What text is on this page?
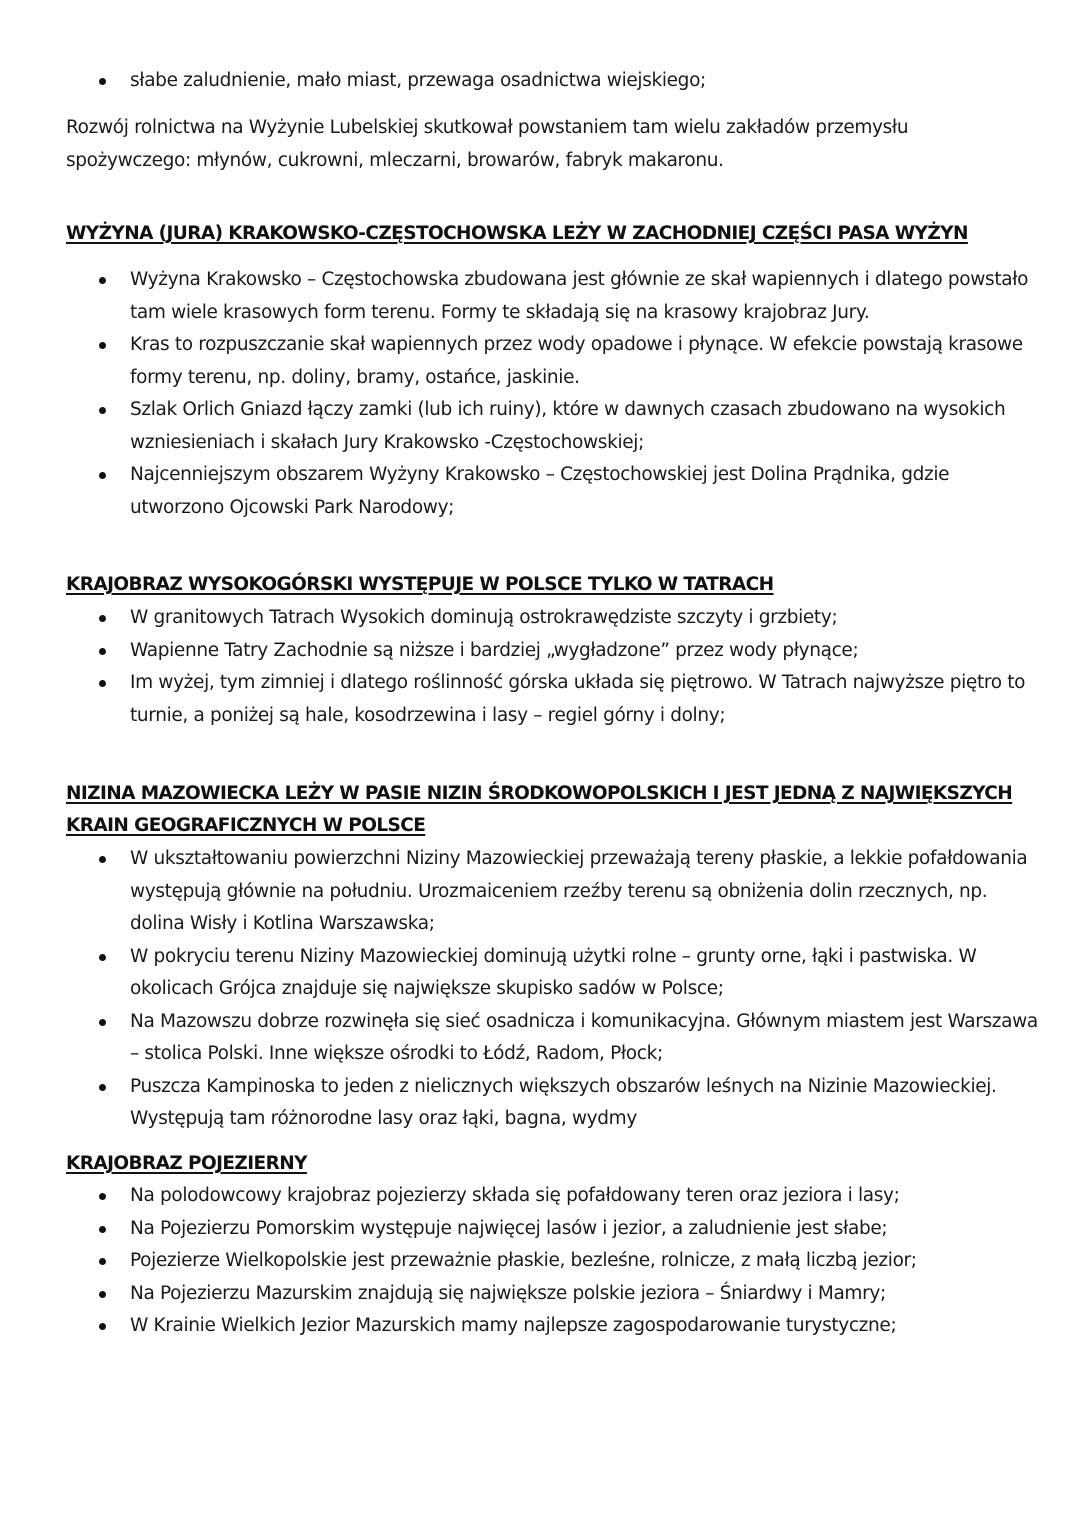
słabe zaludnienie, mało miast, przewaga osadnictwa wiejskiego;
Rozwój rolnictwa na Wyżynie Lubelskiej skutkował powstaniem tam wielu zakładów przemysłu spożywczego: młynów, cukrowni, mleczarni, browarów, fabryk makaronu.
WYŻYNA (JURA) KRAKOWSKO-CZĘSTOCHOWSKA LEŻY W ZACHODNIEJ CZĘŚCI PASA WYŻYN
Wyżyna Krakowsko – Częstochowska zbudowana jest głównie ze skał wapiennych i dlatego powstało tam wiele krasowych form terenu. Formy te składają się na krasowy krajobraz Jury.
Kras to rozpuszczanie skał wapiennych przez wody opadowe i płynące. W efekcie powstają krasowe formy terenu, np. doliny, bramy, ostańce, jaskinie.
Szlak Orlich Gniazd łączy zamki (lub ich ruiny), które w dawnych czasach zbudowano na wysokich wzniesieniach i skałach Jury Krakowsko -Częstochowskiej;
Najcenniejszym obszarem Wyżyny Krakowsko – Częstochowskiej jest Dolina Prądnika, gdzie utworzono Ojcowski Park Narodowy;
KRAJOBRAZ WYSOKOGÓRSKI WYSTĘPUJE W POLSCE TYLKO W TATRACH
W granitowych Tatrach Wysokich dominują ostrokrawędziste szczyty i grzbiety;
Wapienne Tatry Zachodnie są niższe i bardziej „wygładzone” przez wody płynące;
Im wyżej, tym zimniej i dlatego roślinność górska układa się piętrowo. W Tatrach najwyższe piętro to turnie, a poniżej są hale, kosodrzewina i lasy – regiel górny i dolny;
NIZINA MAZOWIECKA LEŻY W PASIE NIZIN ŚRODKOWOPOLSKICH I JEST JEDNĄ Z NAJWIĘKSZYCH KRAIN GEOGRAFICZNYCH W POLSCE
W ukształtowaniu powierzchni Niziny Mazowieckiej przeważają tereny płaskie, a lekkie pofałdowania występują głównie na południu. Urozmaiceniem rzeźby terenu są obniżenia dolin rzecznych, np. dolina Wisły i Kotlina Warszawska;
W pokryciu terenu Niziny Mazowieckiej dominują użytki rolne – grunty orne, łąki i pastwiska. W okolicach Grójca znajduje się największe skupisko sadów w Polsce;
Na Mazowszu dobrze rozwinęła się sieć osadnicza i komunikacyjna. Głównym miastem jest Warszawa – stolica Polski. Inne większe ośrodki to Łódź, Radom, Płock;
Puszcza Kampinoska to jeden z nielicznych większych obszarów leśnych na Nizinie Mazowieckiej. Występują tam różnorodne lasy oraz łąki, bagna, wydmy
KRAJOBRAZ POJEZIERNY
Na polodowcowy krajobraz pojezierzy składa się pofałdowany teren oraz jeziora i lasy;
Na Pojezierzu Pomorskim występuje najwięcej lasów i jezior, a zaludnienie jest słabe;
Pojezierze Wielkopolskie jest przeważnie płaskie, bezleśne, rolnicze, z małą liczbą jezior;
Na Pojezierzu Mazurskim znajdują się największe polskie jeziora – Śniardwy i Mamry;
W Krainie Wielkich Jezior Mazurskich mamy najlepsze zagospodarowanie turystyczne;
